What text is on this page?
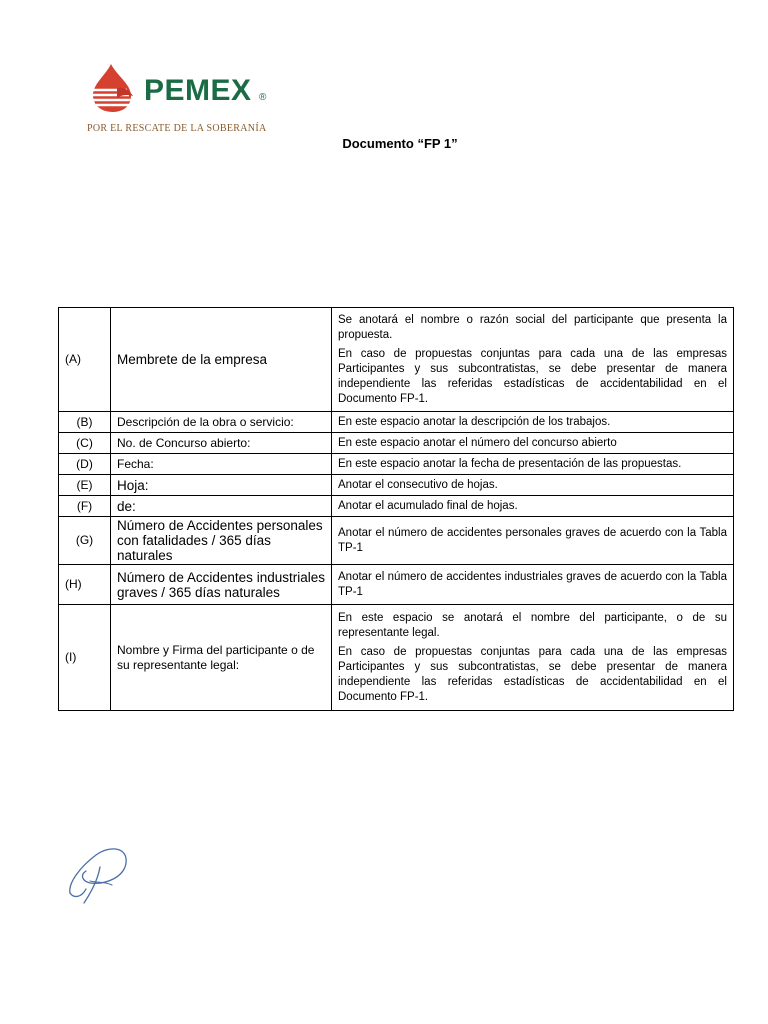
PEMEX ®
POR EL RESCATE DE LA SOBERANÍA
Documento “FP 1”
(A)	Membrete de la empresa	Se anotará el nombre o razón social del participante que presenta la propuesta.

En caso de propuestas conjuntas para cada una de las empresas Participantes y sus subcontratistas, se debe presentar de manera independiente las referidas estadísticas de accidentabilidad en el Documento FP-1.

(B)	Descripción de la obra o servicio:	En este espacio anotar la descripción de los trabajos.

(C)	No. de Concurso abierto:	En este espacio anotar el número del concurso abierto

(D)	Fecha:	En este espacio anotar la fecha de presentación de las propuestas.

(E)	Hoja:	Anotar el consecutivo de hojas.

(F)	de:	Anotar el acumulado final de hojas.

(G)	Número de Accidentes personales con fatalidades / 365 días naturales	Anotar el número de accidentes personales graves de acuerdo con la Tabla TP-1

(H)	Número de Accidentes industriales graves / 365 días naturales	Anotar el número de accidentes industriales graves de acuerdo con la Tabla TP-1

(I)	Nombre y Firma del participante o de su representante legal:	En este espacio se anotará el nombre del participante, o de su representante legal.

En caso de propuestas conjuntas para cada una de las empresas Participantes y sus subcontratistas, se debe presentar de manera independiente las referidas estadísticas de accidentabilidad en el Documento FP-1.
